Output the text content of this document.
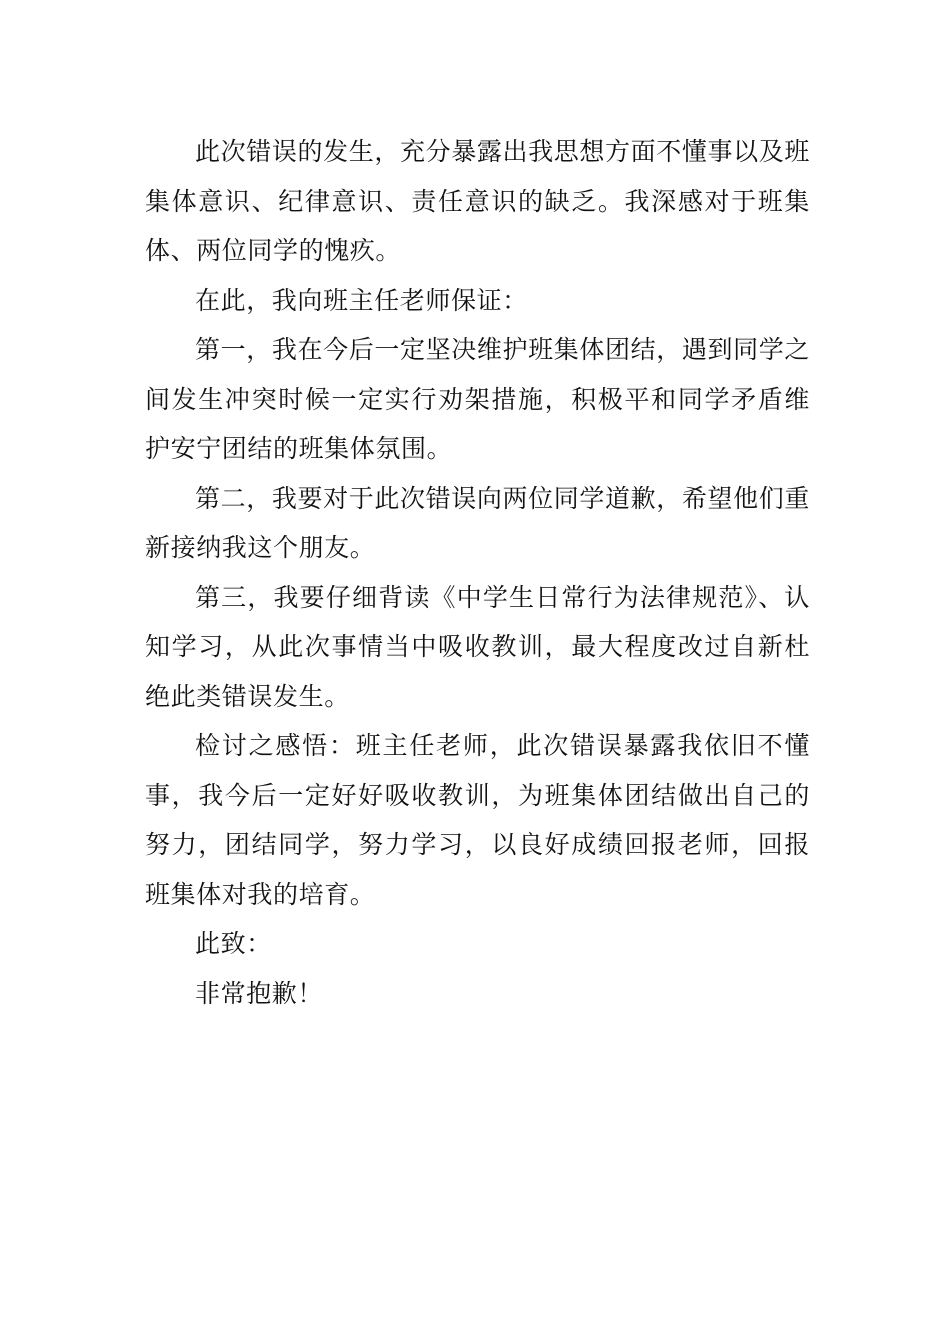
此次错误的发生，充分暴露出我思想方面不懂事以及班集体意识、纪律意识、责任意识的缺乏。我深感对于班集体、两位同学的愧疚。

在此，我向班主任老师保证：

第一，我在今后一定坚决维护班集体团结，遇到同学之间发生冲突时候一定实行劝架措施，积极平和同学矛盾维护安宁团结的班集体氛围。

第二，我要对于此次错误向两位同学道歉，希望他们重新接纳我这个朋友。

第三，我要仔细背读《中学生日常行为法律规范》、认知学习，从此次事情当中吸收教训，最大程度改过自新杜绝此类错误发生。

检讨之感悟：班主任老师，此次错误暴露我依旧不懂事，我今后一定好好吸收教训，为班集体团结做出自己的努力，团结同学，努力学习，以良好成绩回报老师，回报班集体对我的培育。

此致：

非常抱歉！
